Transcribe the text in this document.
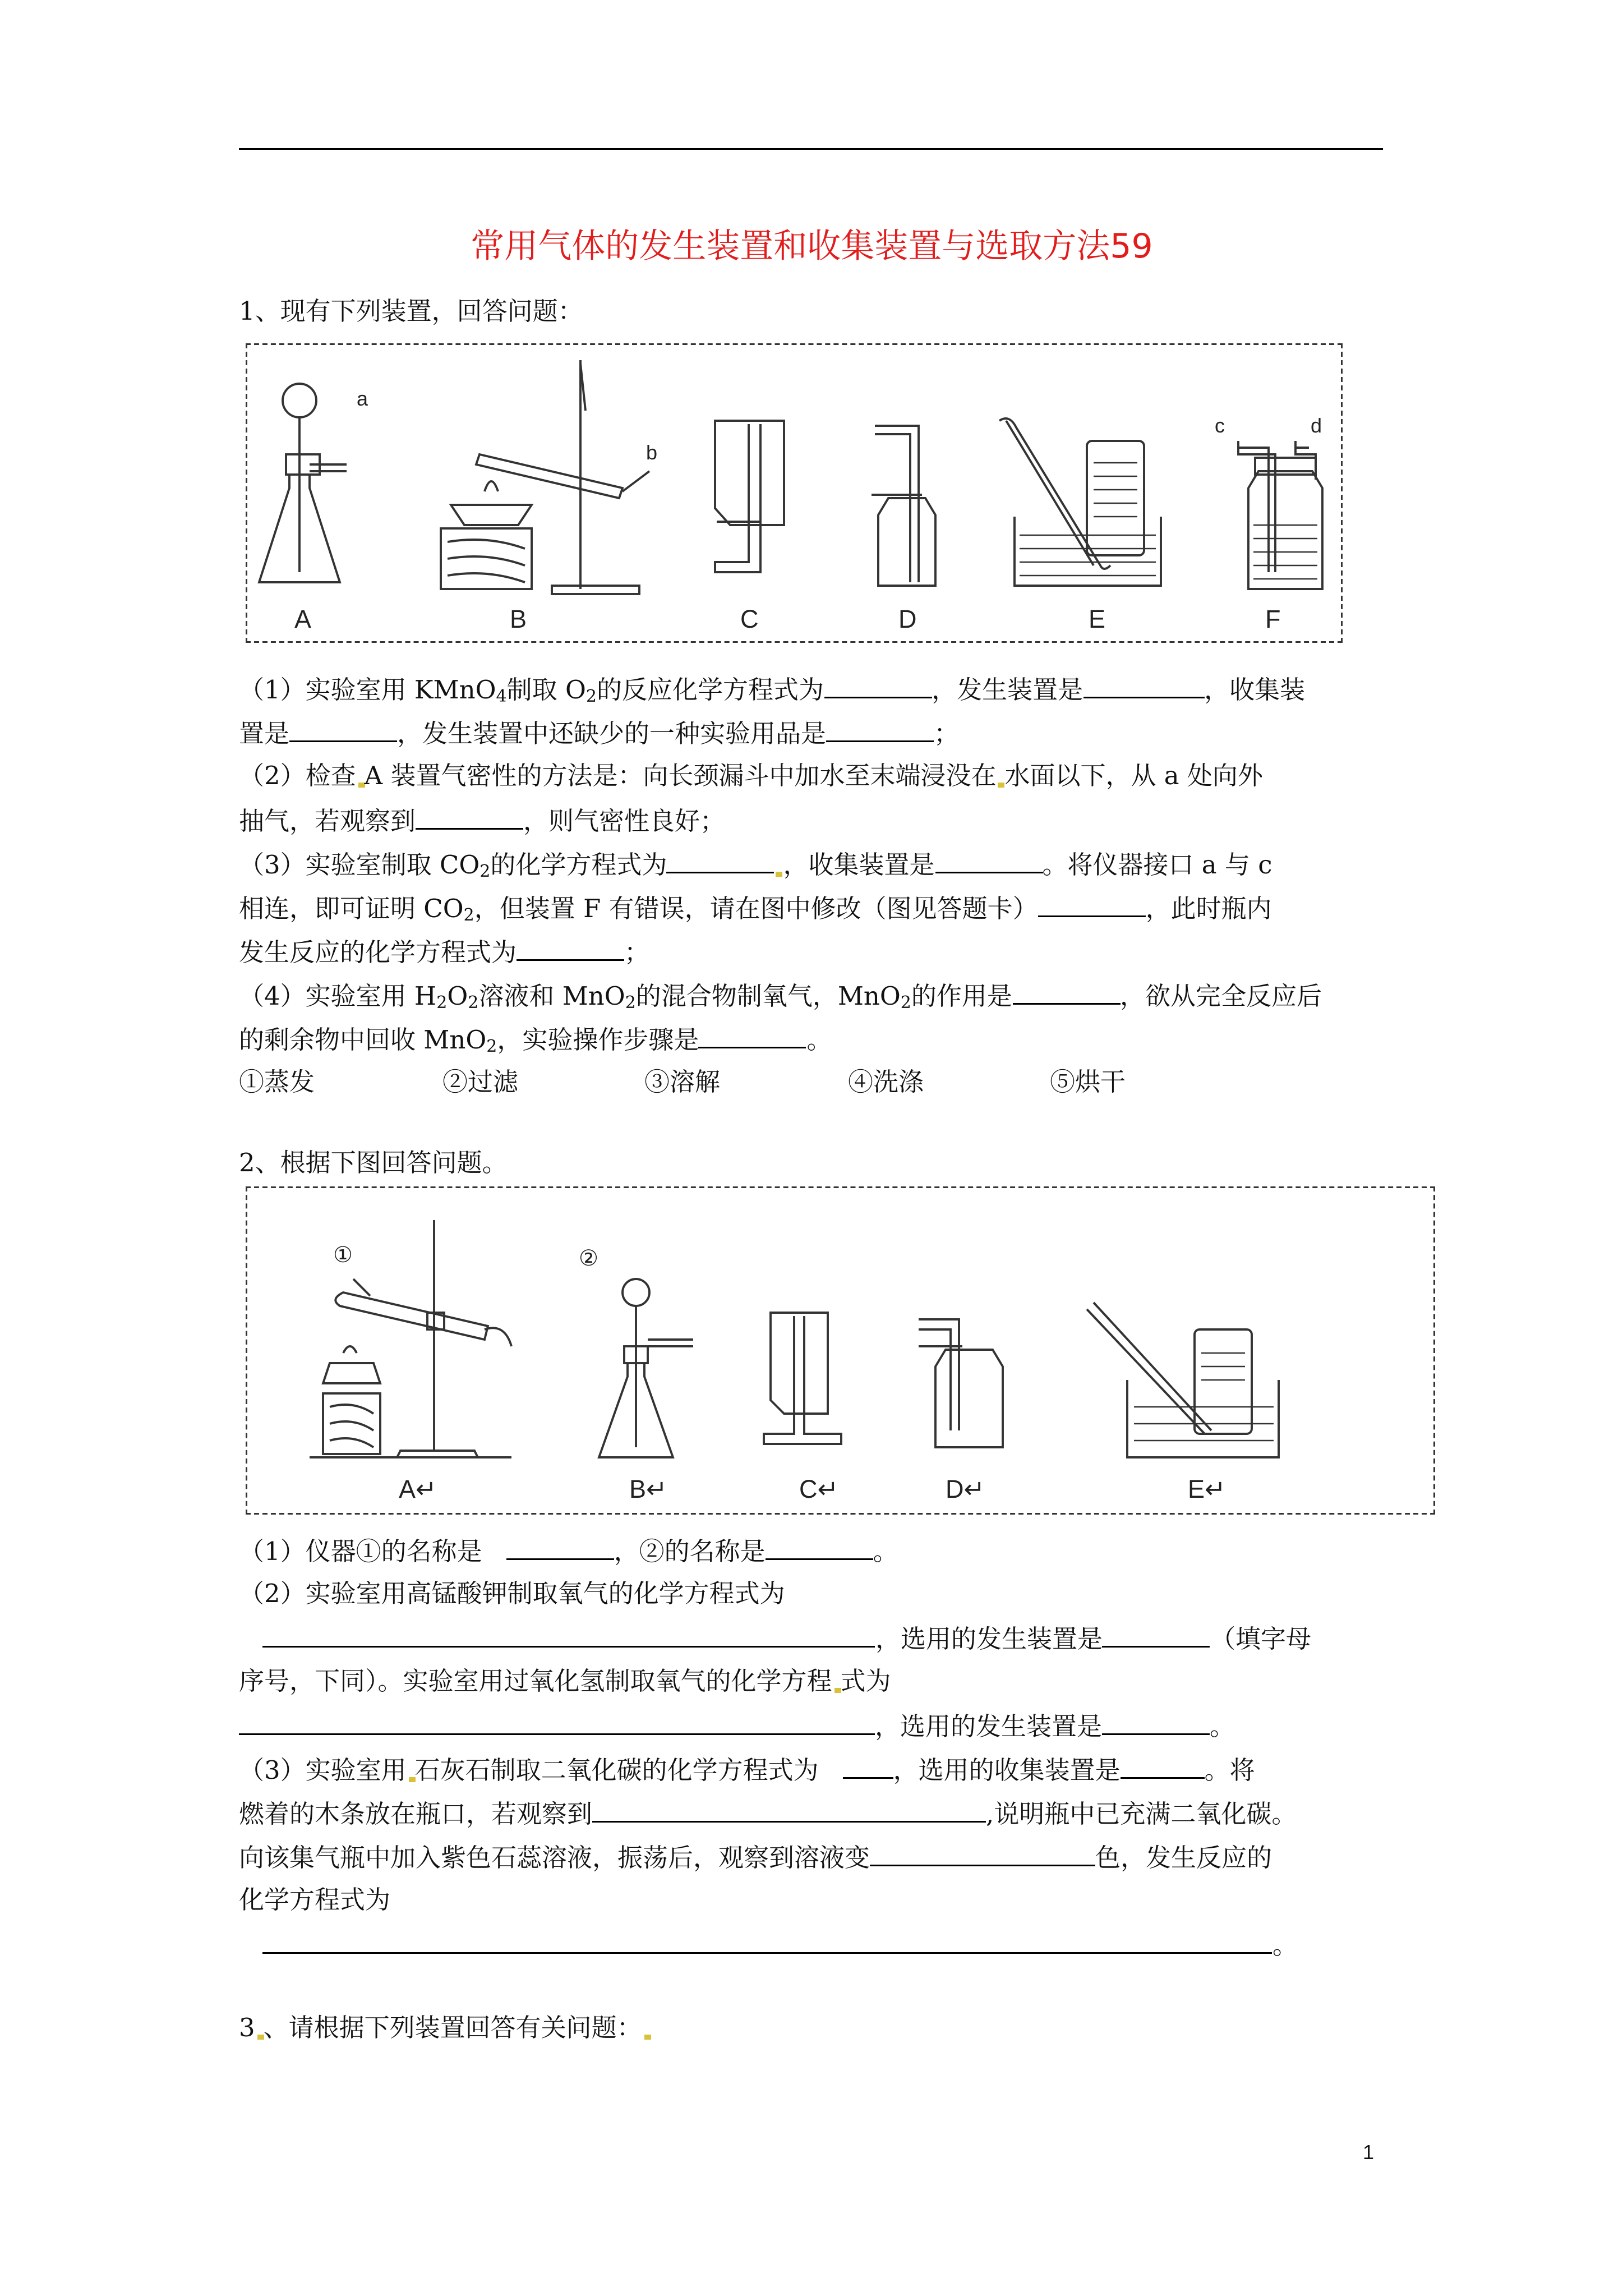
常用气体的发生装置和收集装置与选取方法59
1、现有下列装置，回答问题：
A	B	C	D	E	F
a
b
c	d
（1）实验室用 KMnO$_4$制取 $O_2$的反应化学方程式为	，发生装置是	，收集装
置是	，发生装置中还缺少的一种实验用品是	；
（2）检查 A 装置气密性的方法是：向长颈漏斗中加水至末端浸没在 水面以下，从 a 处向外
抽气，若观察到	，则气密性良好；
（3）实验室制取 $CO_2$的化学方程式为	，收集装置是	。将仪器接口 a 与 c
相连，即可证明 $CO_2$，但装置 F 有错误，请在图中修改（图见答题卡）	，此时瓶内
发生反应的化学方程式为	；
（4）实验室用 $H_2O_2$溶液和 MnO$_2$的混合物制氧气，MnO$_2$的作用是	，欲从完全反应后
的剩余物中回收 MnO$_2$，实验操作步骤是	。
①蒸发	②过滤	③溶解	④洗涤	⑤烘干
2、根据下图回答问题。
①	②
A↵	B↵	C↵	D↵	E↵
（1）仪器①的名称是	，②的名称是	。
（2）实验室用高锰酸钾制取氧气的化学方程式为
，选用的发生装置是	（填字母
序号，下同）。实验室用过氧化氢制取氧气的化学方程 式为
，选用的发生装置是	。
（3）实验室用 石灰石制取二氧化碳的化学方程式为	，选用的收集装置是	。将
燃着的木条放在瓶口，若观察到	,说明瓶中已充满二氧化碳。
向该集气瓶中加入紫色石蕊溶液，振荡后，观察到溶液变	色，发生反应的
化学方程式为
。
3 、请根据下列装置回答有关问题：
1
